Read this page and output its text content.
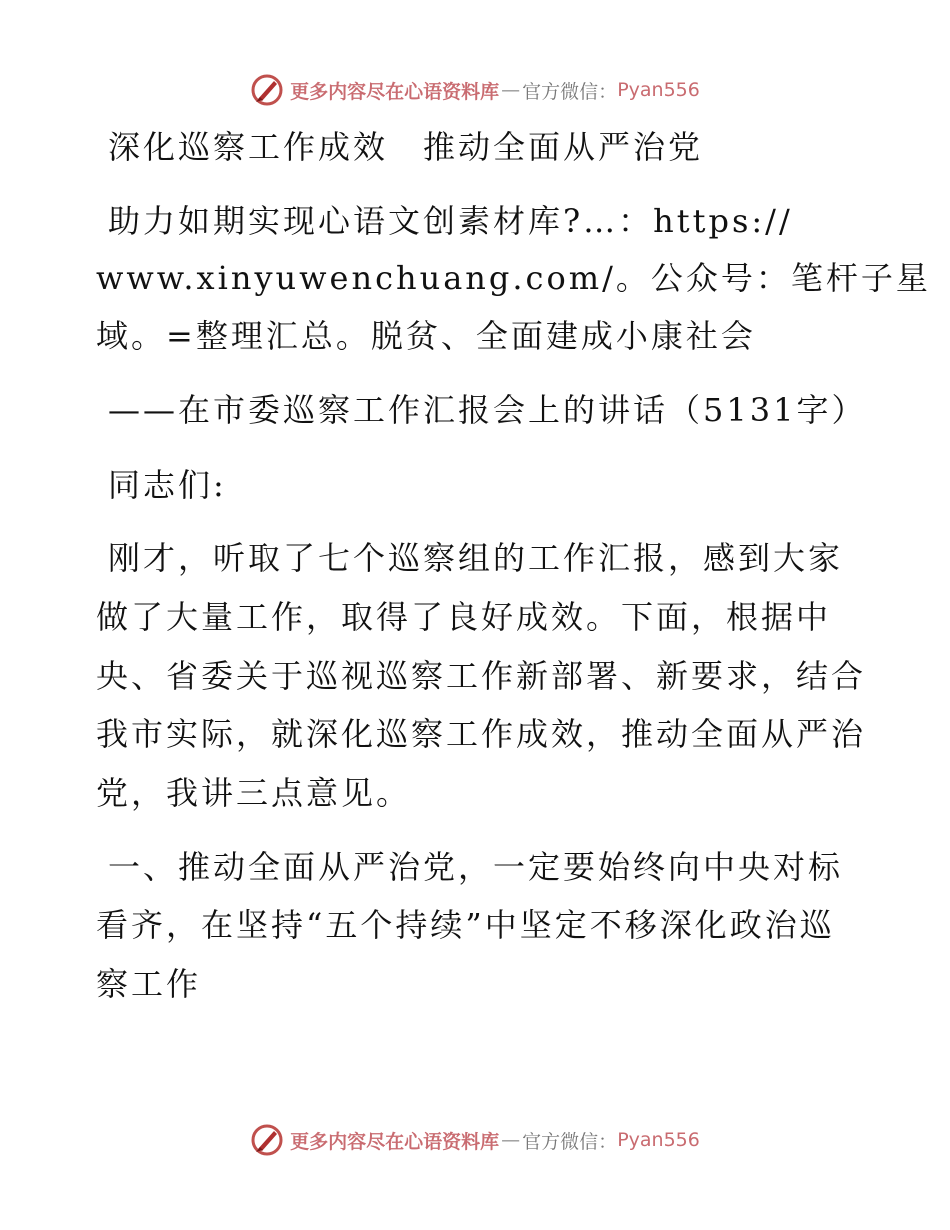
更多内容尽在心语资料库 — 官方微信： Pyan556
深化巡察工作成效　推动全面从严治党
助力如期实现心语文创素材库?…：https://
www.xinyuwenchuang.com/。公众号：笔杆子星
域。=整理汇总。脱贫、全面建成小康社会
——在市委巡察工作汇报会上的讲话（5131字）
同志们:
刚才，听取了七个巡察组的工作汇报，感到大家
做了大量工作，取得了良好成效。下面，根据中
央、省委关于巡视巡察工作新部署、新要求，结合
我市实际，就深化巡察工作成效，推动全面从严治
党，我讲三点意见。
一、推动全面从严治党，一定要始终向中央对标
看齐，在坚持“五个持续”中坚定不移深化政治巡
察工作
更多内容尽在心语资料库 — 官方微信： Pyan556
